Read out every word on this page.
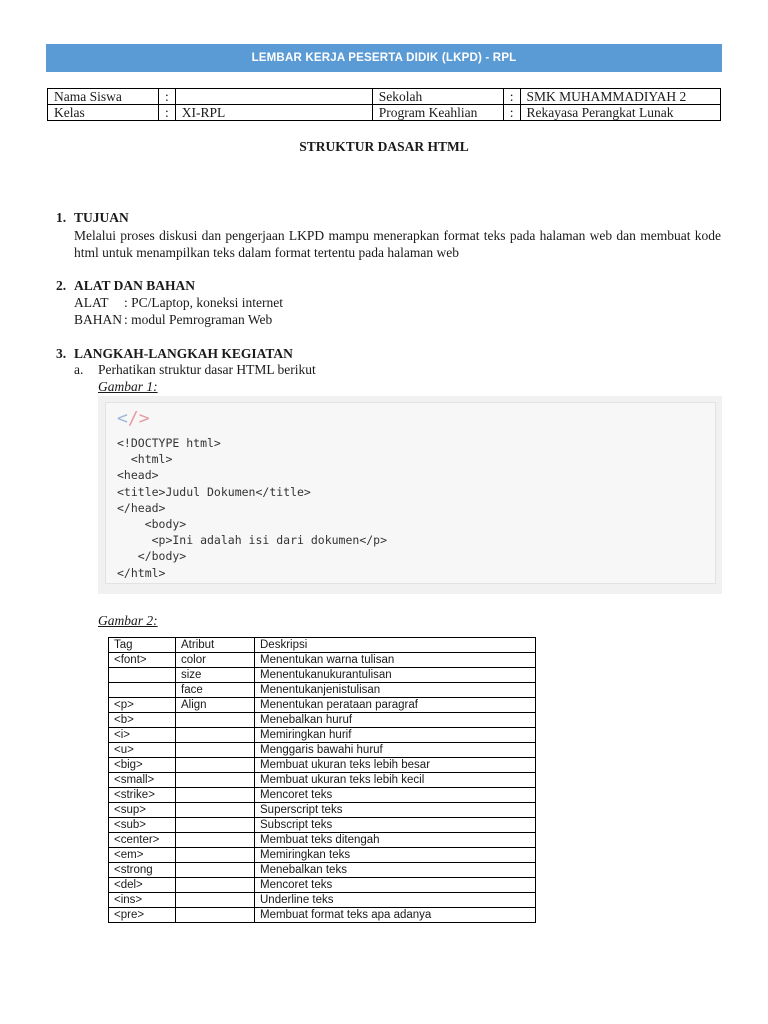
LEMBAR KERJA PESERTA DIDIK (LKPD) - RPL
Nama Siswa	:		Sekolah	:	SMK MUHAMMADIYAH 2
Kelas	:	XI-RPL	Program Keahlian	:	Rekayasa Perangkat Lunak
STRUKTUR DASAR HTML
1. TUJUAN
Melalui proses diskusi dan pengerjaan LKPD mampu menerapkan format teks pada halaman web dan membuat kode html untuk menampilkan teks dalam format tertentu pada halaman web
2. ALAT DAN BAHAN
ALAT : PC/Laptop, koneksi internet
BAHAN : modul Pemrograman Web
3. LANGKAH-LANGKAH KEGIATAN
a. Perhatikan struktur dasar HTML berikut
Gambar 1:
</>
<!DOCTYPE html>
<html>
<head>
<title>Judul Dokumen</title>
</head>
<body>
<p>Ini adalah isi dari dokumen</p>
</body>
</html>
Gambar 2:
Tag	Atribut	Deskripsi
<font>	color	Menentukan warna tulisan
	size	Menentukanukurantulisan
	face	Menentukanjenistulisan
<p>	Align	Menentukan perataan paragraf
<b>		Menebalkan huruf
<i>		Memiringkan hurif
<u>		Menggaris bawahi huruf
<big>		Membuat ukuran teks lebih besar
<small>		Membuat ukuran teks lebih kecil
<strike>		Mencoret teks
<sup>		Superscript teks
<sub>		Subscript teks
<center>		Membuat teks ditengah
<em>		Memiringkan teks
<strong		Menebalkan teks
<del>		Mencoret teks
<ins>		Underline teks
<pre>		Membuat format teks apa adanya
